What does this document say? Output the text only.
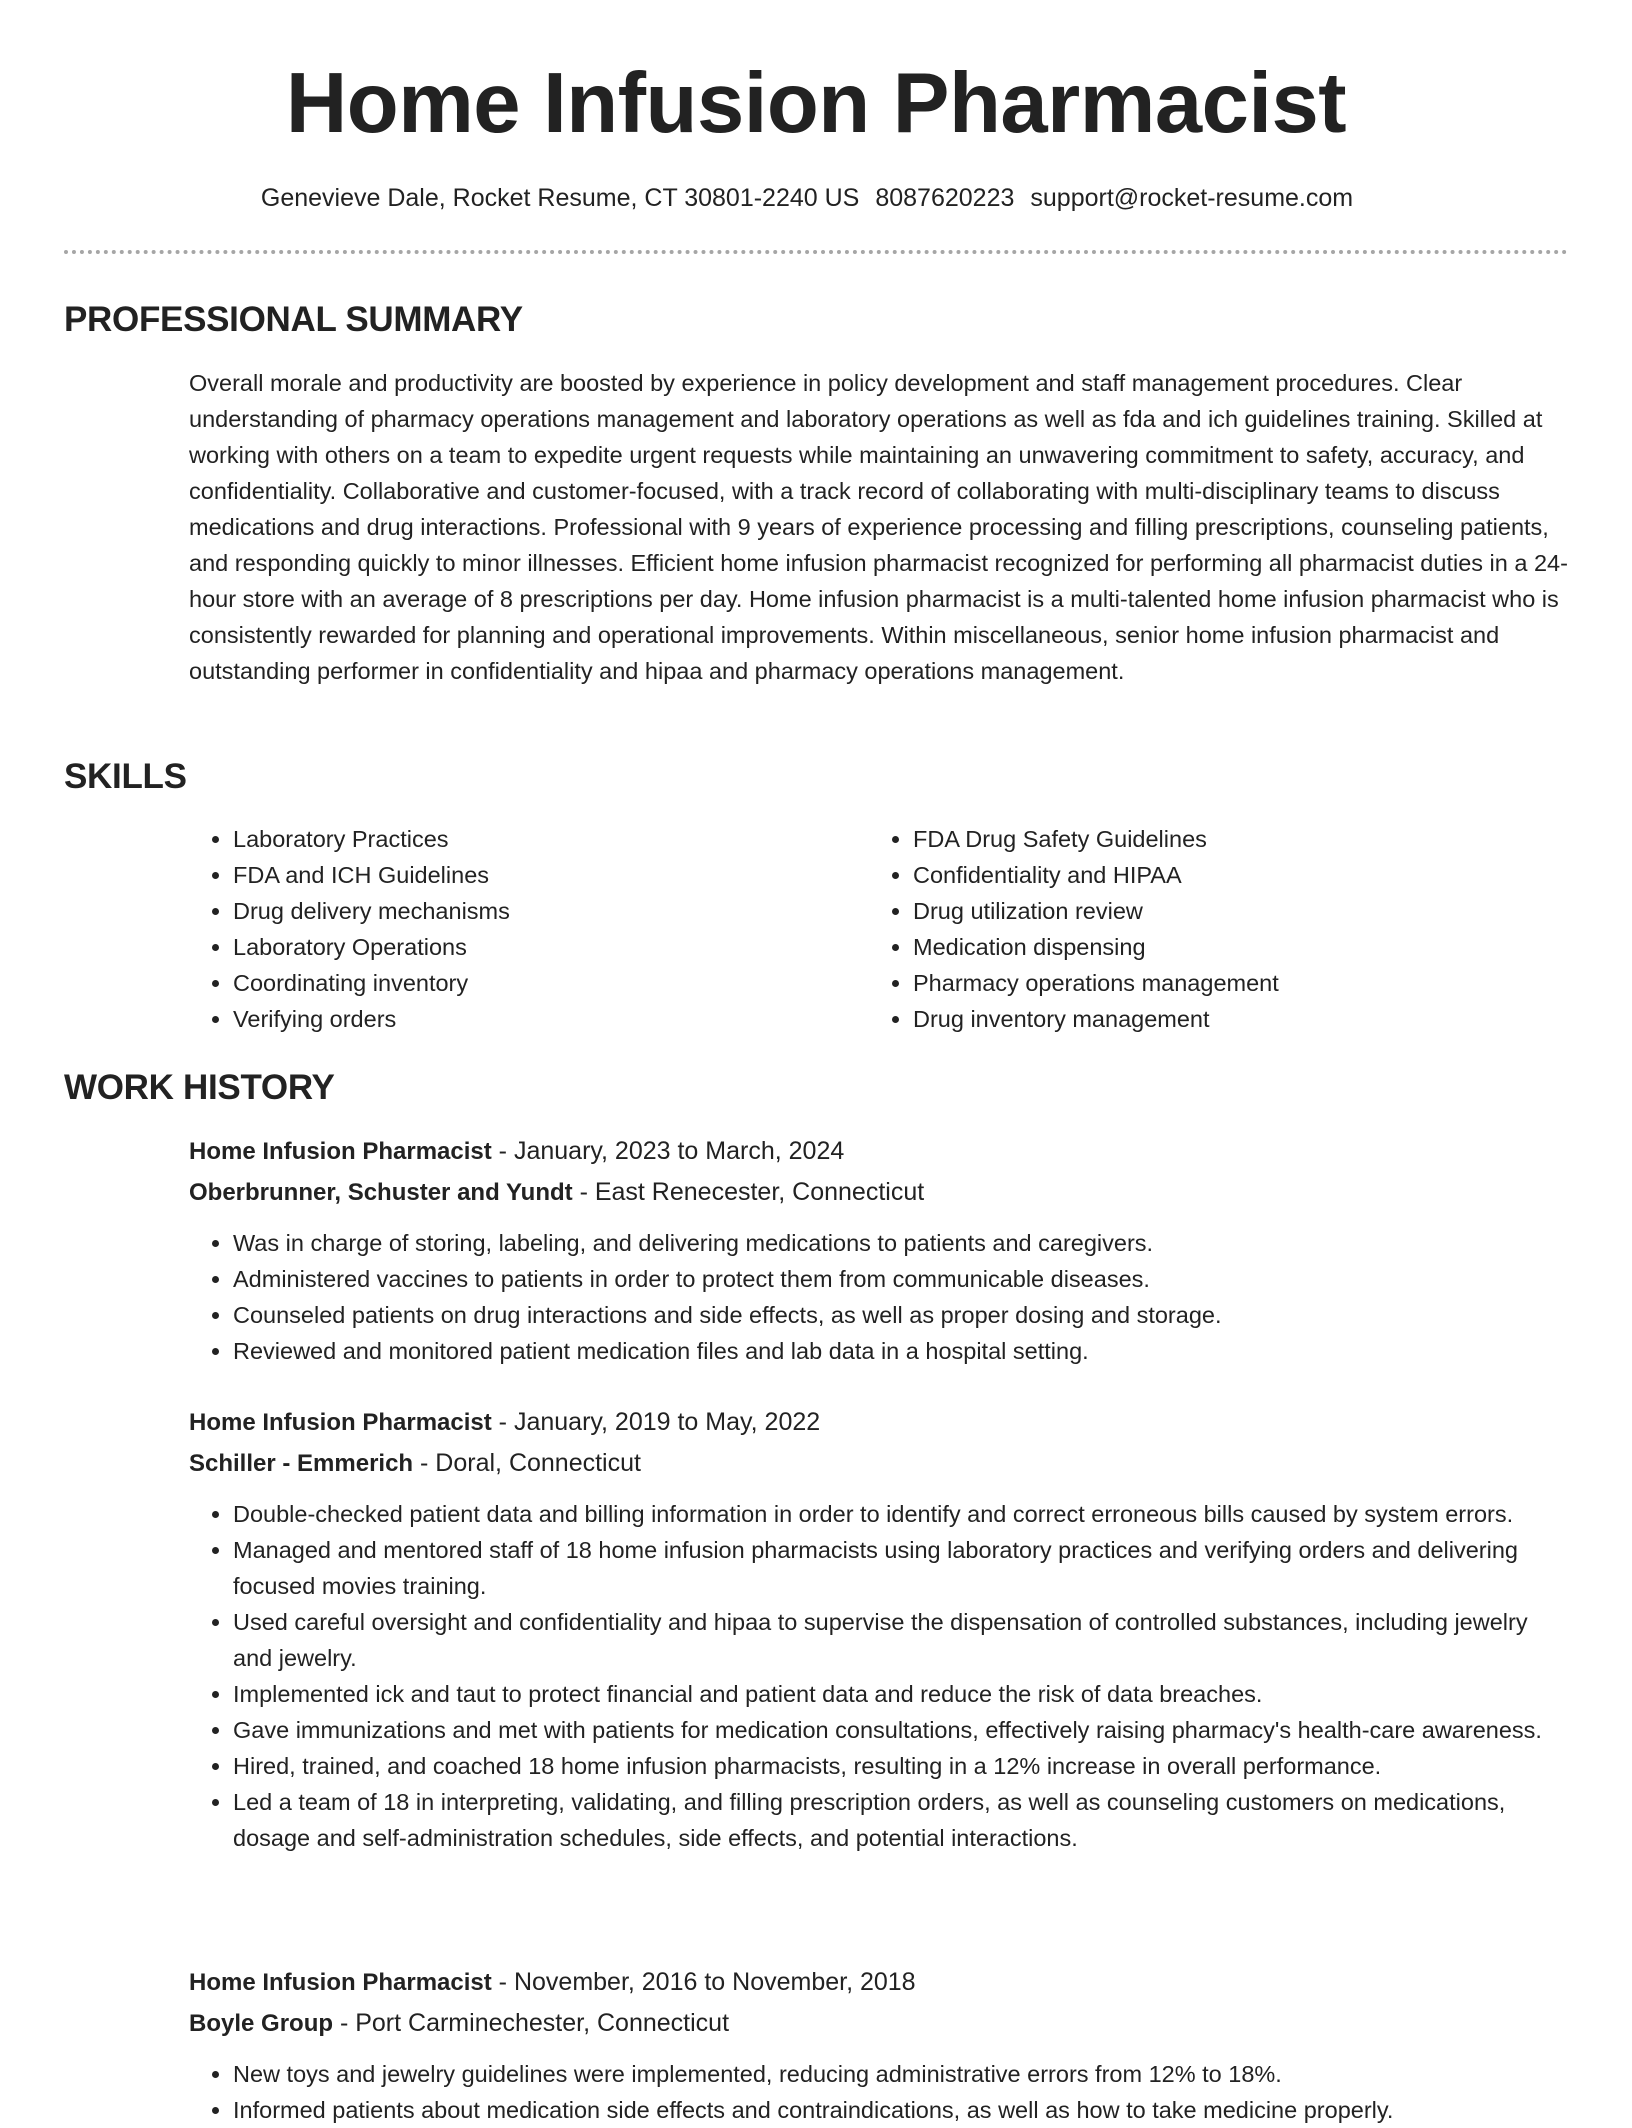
Home Infusion Pharmacist
Genevieve Dale, Rocket Resume, CT 30801-2240 US 8087620223 support@rocket-resume.com
PROFESSIONAL SUMMARY

Overall morale and productivity are boosted by experience in policy development and staff management procedures. Clear understanding of pharmacy operations management and laboratory operations as well as fda and ich guidelines training. Skilled at working with others on a team to expedite urgent requests while maintaining an unwavering commitment to safety, accuracy, and confidentiality. Collaborative and customer-focused, with a track record of collaborating with multi-disciplinary teams to discuss medications and drug interactions. Professional with 9 years of experience processing and filling prescriptions, counseling patients, and responding quickly to minor illnesses. Efficient home infusion pharmacist recognized for performing all pharmacist duties in a 24-hour store with an average of 8 prescriptions per day. Home infusion pharmacist is a multi-talented home infusion pharmacist who is consistently rewarded for planning and operational improvements. Within miscellaneous, senior home infusion pharmacist and outstanding performer in confidentiality and hipaa and pharmacy operations management.

SKILLS
• Laboratory Practices
• FDA and ICH Guidelines
• Drug delivery mechanisms
• Laboratory Operations
• Coordinating inventory
• Verifying orders
• FDA Drug Safety Guidelines
• Confidentiality and HIPAA
• Drug utilization review
• Medication dispensing
• Pharmacy operations management
• Drug inventory management
WORK HISTORY
Home Infusion Pharmacist - January, 2023 to March, 2024
Oberbrunner, Schuster and Yundt - East Renecester, Connecticut
• Was in charge of storing, labeling, and delivering medications to patients and caregivers.
• Administered vaccines to patients in order to protect them from communicable diseases.
• Counseled patients on drug interactions and side effects, as well as proper dosing and storage.
• Reviewed and monitored patient medication files and lab data in a hospital setting.
Home Infusion Pharmacist - January, 2019 to May, 2022
Schiller - Emmerich - Doral, Connecticut
• Double-checked patient data and billing information in order to identify and correct erroneous bills caused by system errors.
• Managed and mentored staff of 18 home infusion pharmacists using laboratory practices and verifying orders and delivering focused movies training.
• Used careful oversight and confidentiality and hipaa to supervise the dispensation of controlled substances, including jewelry and jewelry.
• Implemented ick and taut to protect financial and patient data and reduce the risk of data breaches.
• Gave immunizations and met with patients for medication consultations, effectively raising pharmacy's health-care awareness.
• Hired, trained, and coached 18 home infusion pharmacists, resulting in a 12% increase in overall performance.
• Led a team of 18 in interpreting, validating, and filling prescription orders, as well as counseling customers on medications, dosage and self-administration schedules, side effects, and potential interactions.
Home Infusion Pharmacist - November, 2016 to November, 2018
Boyle Group - Port Carminechester, Connecticut
• New toys and jewelry guidelines were implemented, reducing administrative errors from 12% to 18%.
• Informed patients about medication side effects and contraindications, as well as how to take medicine properly.
